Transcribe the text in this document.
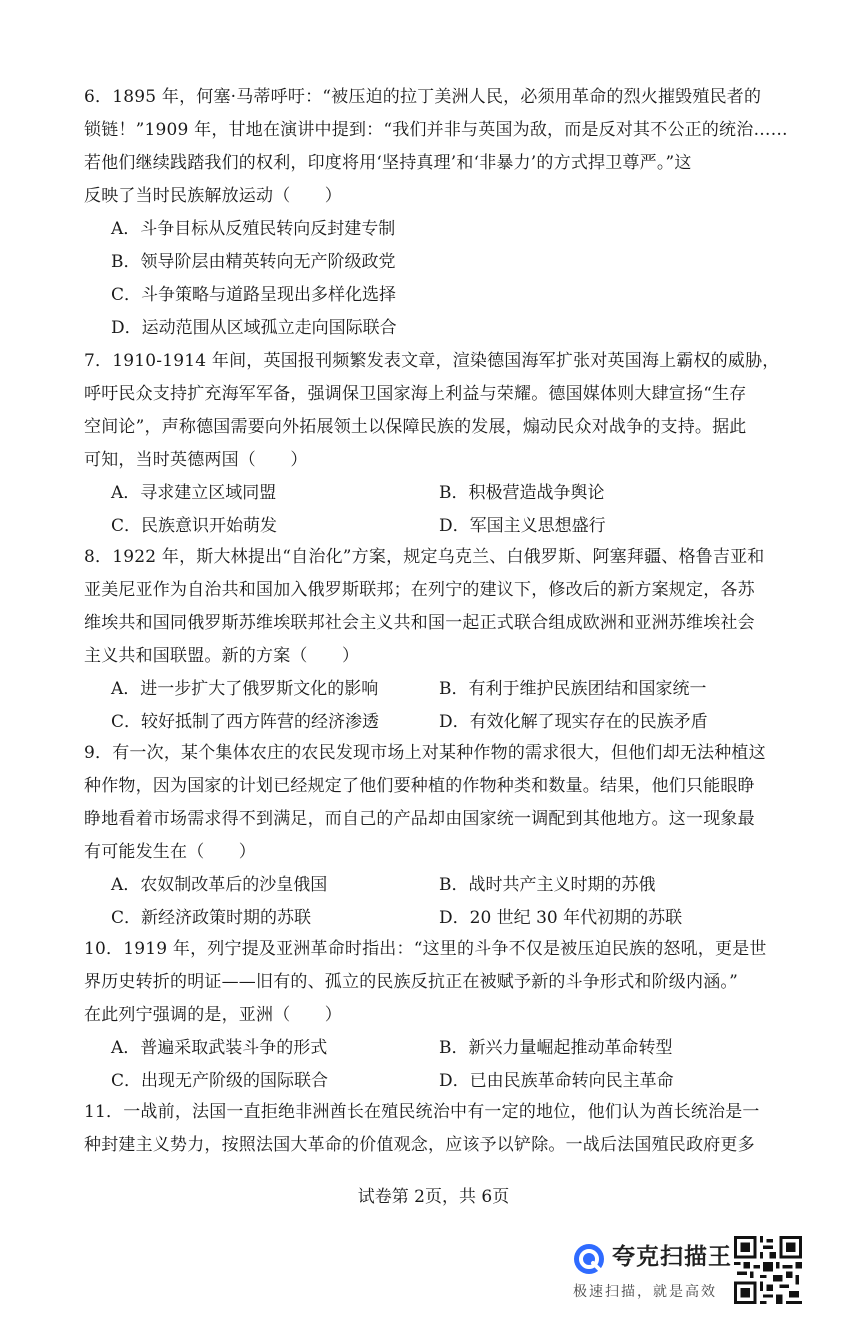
6．1895 年，何塞·马蒂呼吁：“被压迫的拉丁美洲人民，必须用革命的烈火摧毁殖民者的
锁链！”1909 年，甘地在演讲中提到：“我们并非与英国为敌，而是反对其不公正的统治……
若他们继续践踏我们的权利，印度将用‘坚持真理’和‘非暴力’的方式捍卫尊严。”这
反映了当时民族解放运动（　　）
A．斗争目标从反殖民转向反封建专制
B．领导阶层由精英转向无产阶级政党
C．斗争策略与道路呈现出多样化选择
D．运动范围从区域孤立走向国际联合
7．1910-1914 年间，英国报刊频繁发表文章，渲染德国海军扩张对英国海上霸权的威胁，
呼吁民众支持扩充海军军备，强调保卫国家海上利益与荣耀。德国媒体则大肆宣扬“生存
空间论”，声称德国需要向外拓展领土以保障民族的发展，煽动民众对战争的支持。据此
可知，当时英德两国（　　）
A．寻求建立区域同盟	B．积极营造战争舆论
C．民族意识开始萌发	D．军国主义思想盛行
8．1922 年，斯大林提出“自治化”方案，规定乌克兰、白俄罗斯、阿塞拜疆、格鲁吉亚和
亚美尼亚作为自治共和国加入俄罗斯联邦；在列宁的建议下，修改后的新方案规定，各苏
维埃共和国同俄罗斯苏维埃联邦社会主义共和国一起正式联合组成欧洲和亚洲苏维埃社会
主义共和国联盟。新的方案（　　）
A．进一步扩大了俄罗斯文化的影响	B．有利于维护民族团结和国家统一
C．较好抵制了西方阵营的经济渗透	D．有效化解了现实存在的民族矛盾
9．有一次，某个集体农庄的农民发现市场上对某种作物的需求很大，但他们却无法种植这
种作物，因为国家的计划已经规定了他们要种植的作物种类和数量。结果，他们只能眼睁
睁地看着市场需求得不到满足，而自己的产品却由国家统一调配到其他地方。这一现象最
有可能发生在（　　）
A．农奴制改革后的沙皇俄国	B．战时共产主义时期的苏俄
C．新经济政策时期的苏联	D．20 世纪 30 年代初期的苏联
10．1919 年，列宁提及亚洲革命时指出：“这里的斗争不仅是被压迫民族的怒吼，更是世
界历史转折的明证——旧有的、孤立的民族反抗正在被赋予新的斗争形式和阶级内涵。”
在此列宁强调的是，亚洲（　　）
A．普遍采取武装斗争的形式	B．新兴力量崛起推动革命转型
C．出现无产阶级的国际联合	D．已由民族革命转向民主革命
11．一战前，法国一直拒绝非洲酋长在殖民统治中有一定的地位，他们认为酋长统治是一
种封建主义势力，按照法国大革命的价值观念，应该予以铲除。一战后法国殖民政府更多
试卷第 2页，共 6页
夸克扫描王
极速扫描，就是高效
